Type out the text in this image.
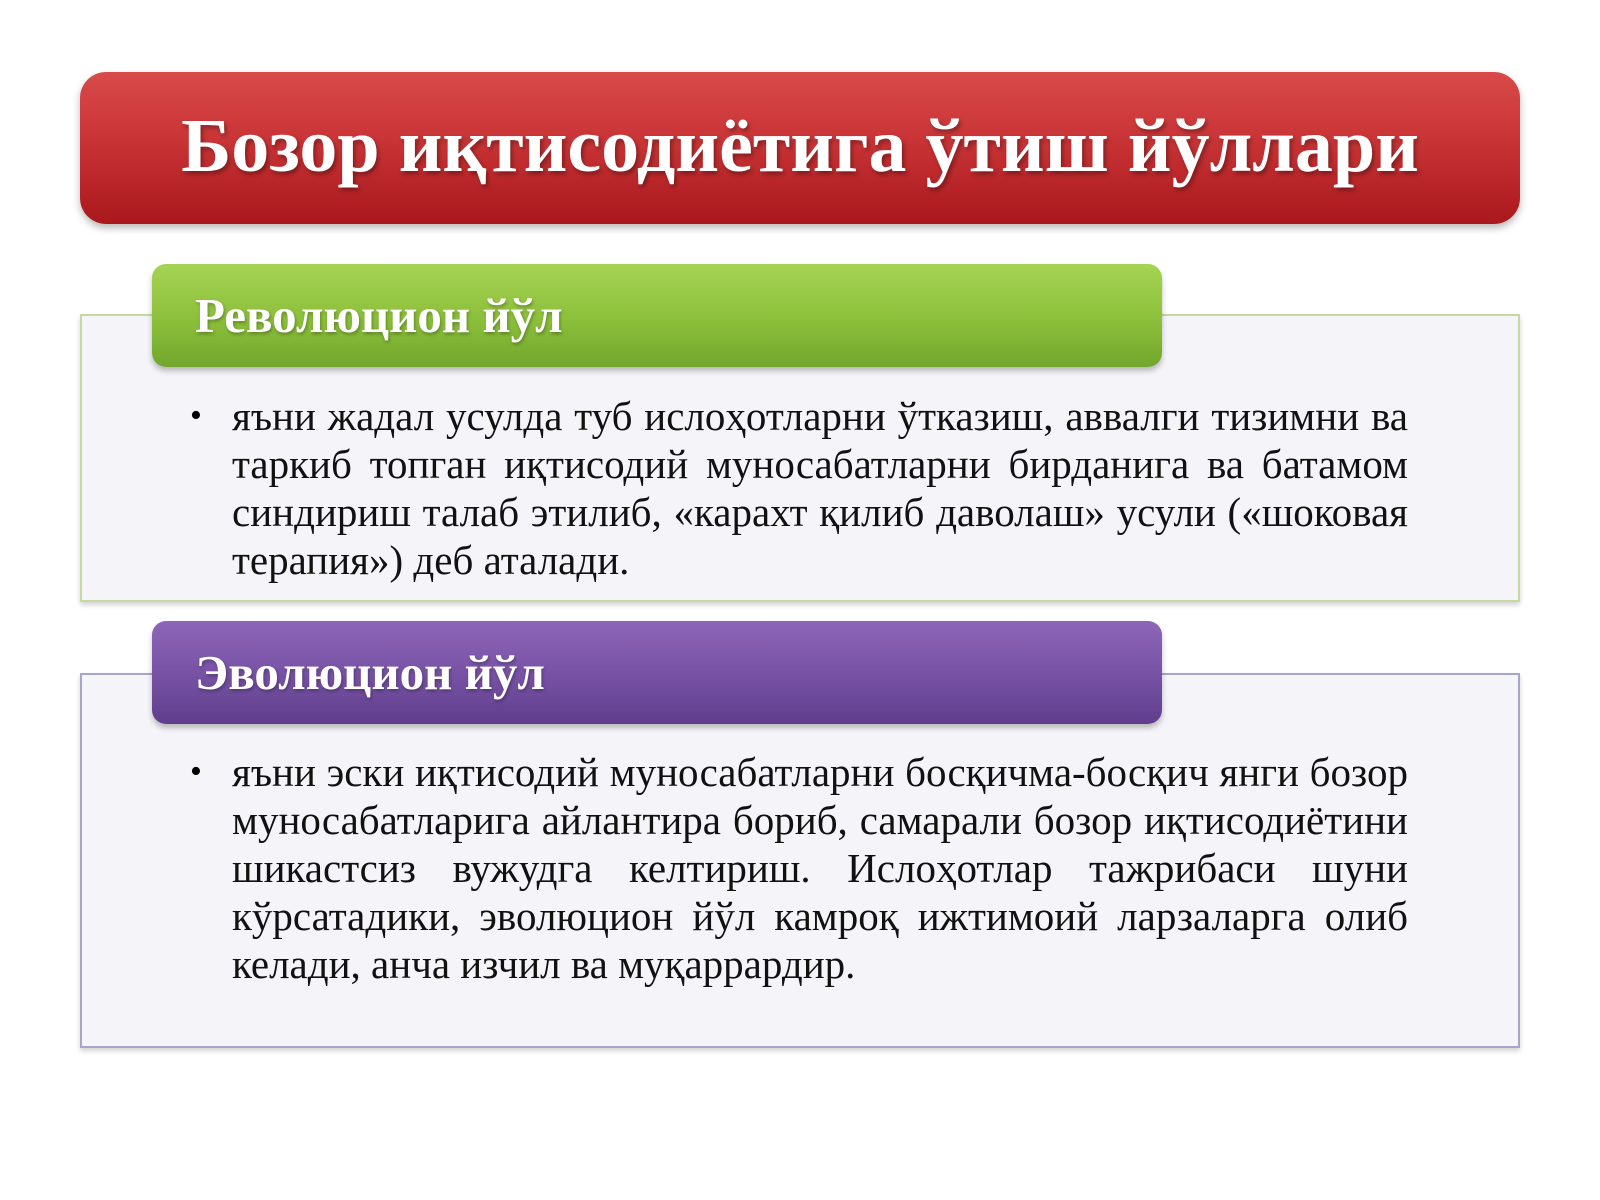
Бозор иқтисодиётига ўтиш йўллари
Революцион йўл
• яъни жадал усулда туб ислоҳотларни ўтказиш, аввалги тизимни ва таркиб топган иқтисодий муносабатларни бирданига ва батамом синдириш талаб этилиб, «карахт қилиб даволаш» усули («шоковая терапия») деб аталади.
Эволюцион йўл
• яъни эски иқтисодий муносабатларни босқичма-босқич янги бозор муносабатларига айлантира бориб, самарали бозор иқтисодиётини шикастсиз вужудга келтириш. Ислоҳотлар тажрибаси шуни кўрсатадики, эволюцион йўл камроқ ижтимоий ларзаларга олиб келади, анча изчил ва муқаррардир.
